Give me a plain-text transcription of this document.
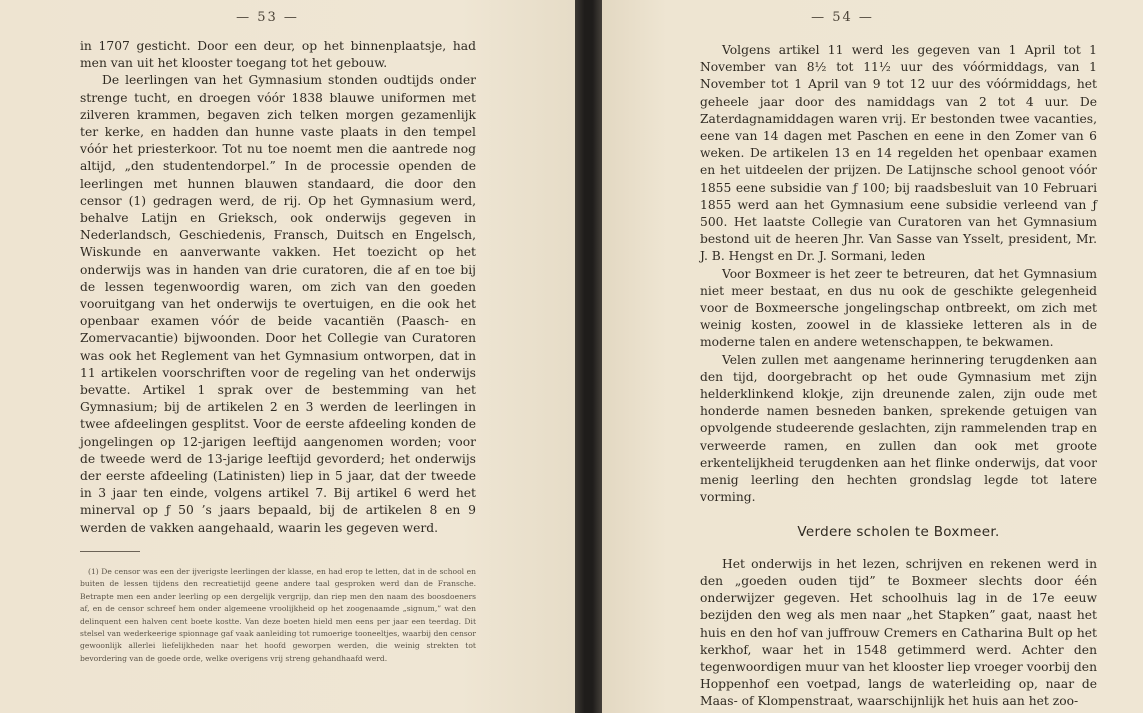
— 53 —

in 1707 gesticht. Door een deur, op het binnenplaatsje, had men van uit het klooster toegang tot het gebouw.

De leerlingen van het Gymnasium stonden oudtijds onder strenge tucht, en droegen vóór 1838 blauwe uniformen met zilveren krammen, begaven zich telken morgen gezamenlijk ter kerke, en hadden dan hunne vaste plaats in den tempel vóór het priesterkoor. Tot nu toe noemt men die aantrede nog altijd, „den studentendorpel.” In de processie openden de leerlingen met hunnen blauwen standaard, die door den censor (1) gedragen werd, de rij. Op het Gymnasium werd, behalve Latijn en Grieksch, ook onderwijs gegeven in Nederlandsch, Geschiedenis, Fransch, Duitsch en Engelsch, Wiskunde en aanverwante vakken. Het toezicht op het onderwijs was in handen van drie curatoren, die af en toe bij de lessen tegenwoordig waren, om zich van den goeden vooruitgang van het onderwijs te overtuigen, en die ook het openbaar examen vóór de beide vacantiën (Paasch- en Zomervacantie) bijwoonden. Door het Collegie van Curatoren was ook het Reglement van het Gymnasium ontworpen, dat in 11 artikelen voorschriften voor de regeling van het onderwijs bevatte. Artikel 1 sprak over de bestemming van het Gymnasium; bij de artikelen 2 en 3 werden de leerlingen in twee afdeelingen gesplitst. Voor de eerste afdeeling konden de jongelingen op 12-jarigen leeftijd aangenomen worden; voor de tweede werd de 13-jarige leeftijd gevorderd; het onderwijs der eerste afdeeling (Latinisten) liep in 5 jaar, dat der tweede in 3 jaar ten einde, volgens artikel 7. Bij artikel 6 werd het minerval op ƒ 50 ’s jaars bepaald, bij de artikelen 8 en 9 werden de vakken aangehaald, waarin les gegeven werd.

(1) De censor was een der ijverigste leerlingen der klasse, en had erop te letten, dat in de school en buiten de lessen tijdens den recreatietijd geene andere taal gesproken werd dan de Fransche. Betrapte men een ander leerling op een dergelijk vergrijp, dan riep men den naam des boosdoeners af, en de censor schreef hem onder algemeene vroolijkheid op het zoogenaamde „signum,” wat den delinquent een halven cent boete kostte. Van deze boeten hield men eens per jaar een teerdag. Dit stelsel van wederkeerige spionnage gaf vaak aanleiding tot rumoerige tooneeltjes, waarbij den censor gewoonlijk allerlei liefelijkheden naar het hoofd geworpen werden, die weinig strekten tot bevordering van de goede orde, welke overigens vrij streng gehandhaafd werd.

— 54 —

Volgens artikel 11 werd les gegeven van 1 April tot 1 November van 8½ tot 11½ uur des vóórmiddags, van 1 November tot 1 April van 9 tot 12 uur des vóórmiddags, het geheele jaar door des namiddags van 2 tot 4 uur. De Zaterdagnamiddagen waren vrij. Er bestonden twee vacanties, eene van 14 dagen met Paschen en eene in den Zomer van 6 weken. De artikelen 13 en 14 regelden het openbaar examen en het uitdeelen der prijzen. De Latijnsche school genoot vóór 1855 eene subsidie van ƒ 100; bij raadsbesluit van 10 Februari 1855 werd aan het Gymnasium eene subsidie verleend van ƒ 500. Het laatste Collegie van Curatoren van het Gymnasium bestond uit de heeren Jhr. Van Sasse van Ysselt, president, Mr. J. B. Hengst en Dr. J. Sormani, leden

Voor Boxmeer is het zeer te betreuren, dat het Gymnasium niet meer bestaat, en dus nu ook de geschikte gelegenheid voor de Boxmeersche jongelingschap ontbreekt, om zich met weinig kosten, zoowel in de klassieke letteren als in de moderne talen en andere wetenschappen, te bekwamen.

Velen zullen met aangename herinnering terugdenken aan den tijd, doorgebracht op het oude Gymnasium met zijn helderklinkend klokje, zijn dreunende zalen, zijn oude met honderde namen besneden banken, sprekende getuigen van opvolgende studeerende geslachten, zijn rammelenden trap en verweerde ramen, en zullen dan ook met groote erkentelijkheid terugdenken aan het flinke onderwijs, dat voor menig leerling den hechten grondslag legde tot latere vorming.

Verdere scholen te Boxmeer.

Het onderwijs in het lezen, schrijven en rekenen werd in den „goeden ouden tijd” te Boxmeer slechts door één onderwijzer gegeven. Het schoolhuis lag in de 17e eeuw bezijden den weg als men naar „het Stapken” gaat, naast het huis en den hof van juffrouw Cremers en Catharina Bult op het kerkhof, waar het in 1548 getimmerd werd. Achter den tegenwoordigen muur van het klooster liep vroeger voorbij den Hoppenhof een voetpad, langs de waterleiding op, naar de Maas- of Klompenstraat, waarschijnlijk het huis aan het zoo-
